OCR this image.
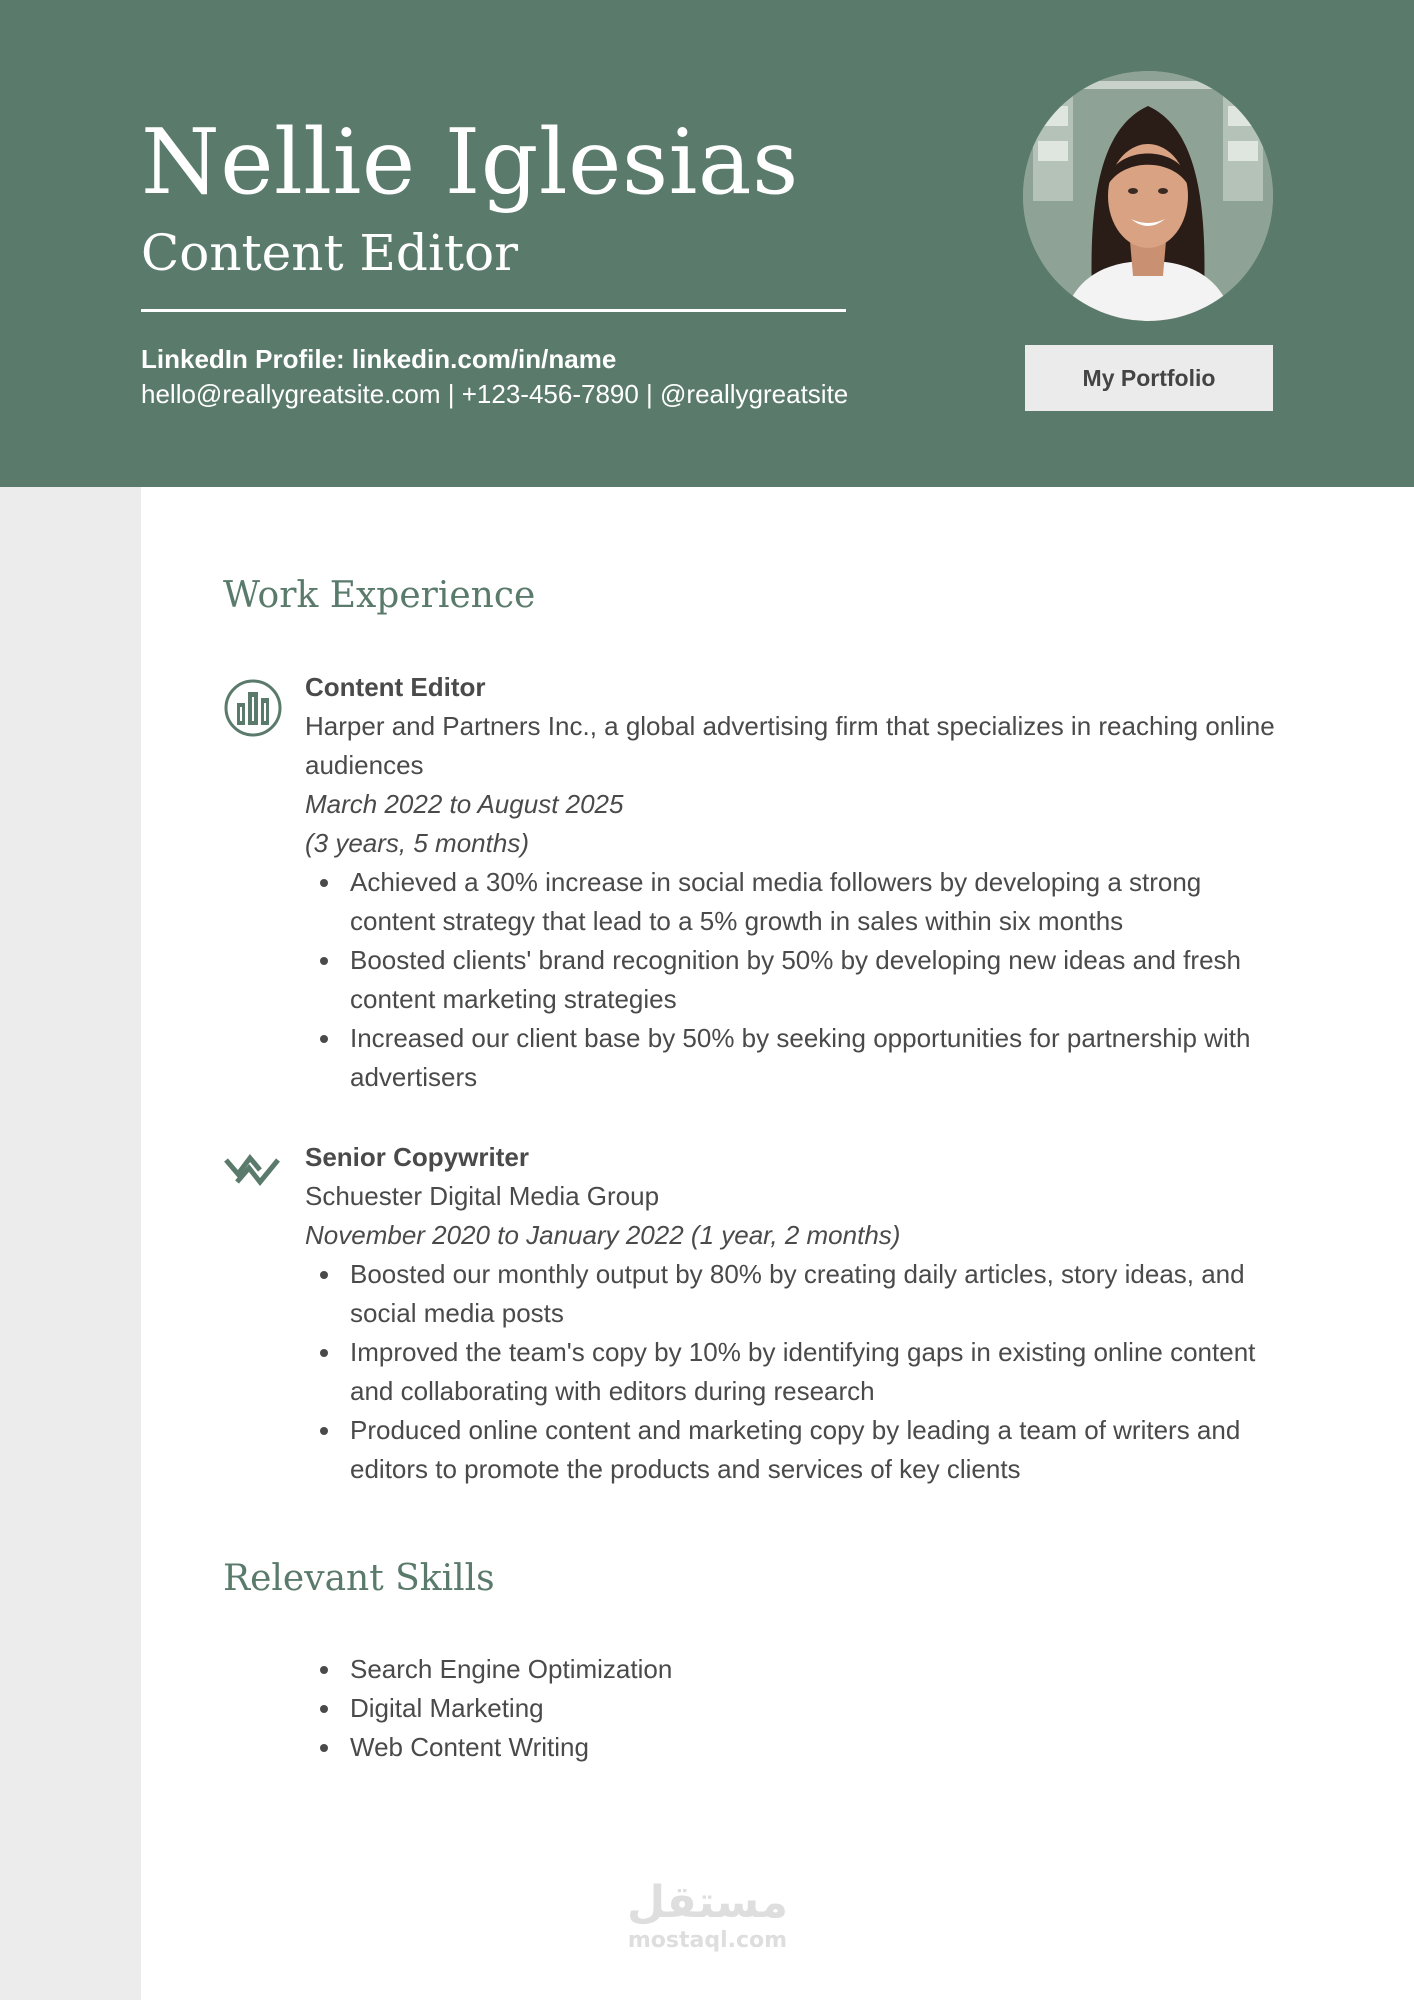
Nellie Iglesias
Content Editor
LinkedIn Profile: linkedin.com/in/name
hello@reallygreatsite.com | +123-456-7890 | @reallygreatsite
My Portfolio
Work Experience
Content Editor
Harper and Partners Inc., a global advertising firm that specializes in reaching online audiences
March 2022 to August 2025
(3 years, 5 months)
Achieved a 30% increase in social media followers by developing a strong content strategy that lead to a 5% growth in sales within six months
Boosted clients' brand recognition by 50% by developing new ideas and fresh content marketing strategies
Increased our client base by 50% by seeking opportunities for partnership with advertisers
Senior Copywriter
Schuester Digital Media Group
November 2020 to January 2022 (1 year, 2 months)
Boosted our monthly output by 80% by creating daily articles, story ideas, and social media posts
Improved the team's copy by 10% by identifying gaps in existing online content and collaborating with editors during research
Produced online content and marketing copy by leading a team of writers and editors to promote the products and services of key clients
Relevant Skills
Search Engine Optimization
Digital Marketing
Web Content Writing
مستقل
mostaql.com
